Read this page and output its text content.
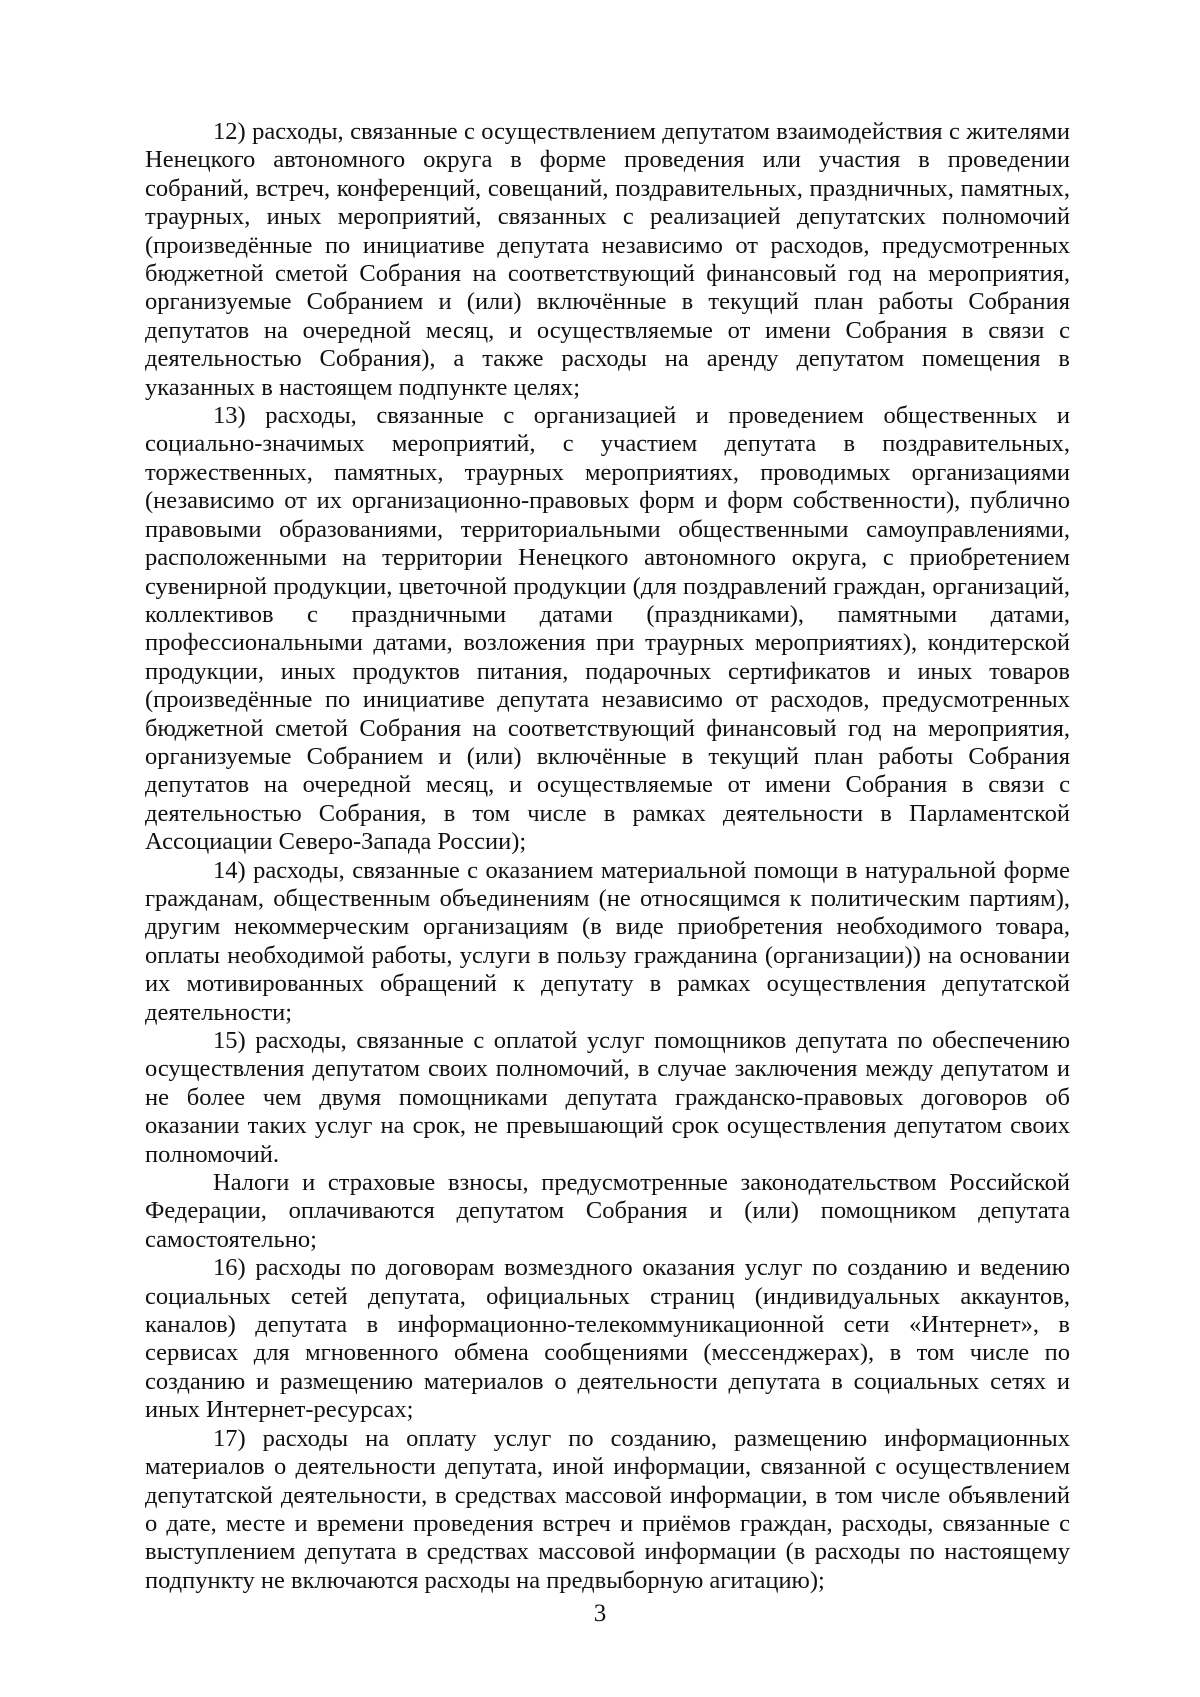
12) расходы, связанные с осуществлением депутатом взаимодействия с жителями Ненецкого автономного округа в форме проведения или участия в проведении собраний, встреч, конференций, совещаний, поздравительных, праздничных, памятных, траурных, иных мероприятий, связанных с реализацией депутатских полномочий (произведённые по инициативе депутата независимо от расходов, предусмотренных бюджетной сметой Собрания на соответствующий финансовый год на мероприятия, организуемые Собранием и (или) включённые в текущий план работы Собрания депутатов на очередной месяц, и осуществляемые от имени Собрания в связи с деятельностью Собрания), а также расходы на аренду депутатом помещения в указанных в настоящем подпункте целях;

13) расходы, связанные с организацией и проведением общественных и социально-значимых мероприятий, с участием депутата в поздравительных, торжественных, памятных, траурных мероприятиях, проводимых организациями (независимо от их организационно-правовых форм и форм собственности), публично правовыми образованиями, территориальными общественными самоуправлениями, расположенными на территории Ненецкого автономного округа, с приобретением сувенирной продукции, цветочной продукции (для поздравлений граждан, организаций, коллективов с праздничными датами (праздниками), памятными датами, профессиональными датами, возложения при траурных мероприятиях), кондитерской продукции, иных продуктов питания, подарочных сертификатов и иных товаров (произведённые по инициативе депутата независимо от расходов, предусмотренных бюджетной сметой Собрания на соответствующий финансовый год на мероприятия, организуемые Собранием и (или) включённые в текущий план работы Собрания депутатов на очередной месяц, и осуществляемые от имени Собрания в связи с деятельностью Собрания, в том числе в рамках деятельности в Парламентской Ассоциации Северо-Запада России);

14) расходы, связанные с оказанием материальной помощи в натуральной форме гражданам, общественным объединениям (не относящимся к политическим партиям), другим некоммерческим организациям (в виде приобретения необходимого товара, оплаты необходимой работы, услуги в пользу гражданина (организации)) на основании их мотивированных обращений к депутату в рамках осуществления депутатской деятельности;

15) расходы, связанные с оплатой услуг помощников депутата по обеспечению осуществления депутатом своих полномочий, в случае заключения между депутатом и не более чем двумя помощниками депутата гражданско-правовых договоров об оказании таких услуг на срок, не превышающий срок осуществления депутатом своих полномочий.

Налоги и страховые взносы, предусмотренные законодательством Российской Федерации, оплачиваются депутатом Собрания и (или) помощником депутата самостоятельно;

16) расходы по договорам возмездного оказания услуг по созданию и ведению социальных сетей депутата, официальных страниц (индивидуальных аккаунтов, каналов) депутата в информационно-телекоммуникационной сети «Интернет», в сервисах для мгновенного обмена сообщениями (мессенджерах), в том числе по созданию и размещению материалов о деятельности депутата в социальных сетях и иных Интернет-ресурсах;

17) расходы на оплату услуг по созданию, размещению информационных материалов о деятельности депутата, иной информации, связанной с осуществлением депутатской деятельности, в средствах массовой информации, в том числе объявлений о дате, месте и времени проведения встреч и приёмов граждан, расходы, связанные с выступлением депутата в средствах массовой информации (в расходы по настоящему подпункту не включаются расходы на предвыборную агитацию);

3
